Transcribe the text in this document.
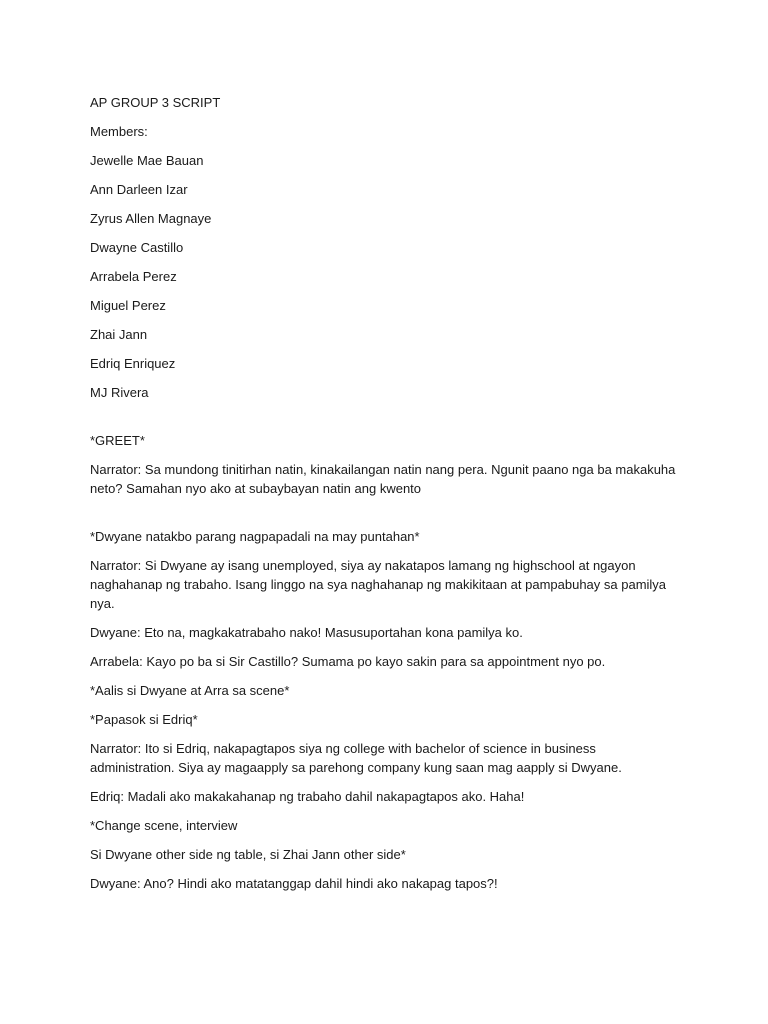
AP GROUP 3 SCRIPT

Members:

Jewelle Mae Bauan

Ann Darleen Izar

Zyrus Allen Magnaye

Dwayne Castillo

Arrabela Perez

Miguel Perez

Zhai Jann

Edriq Enriquez

MJ Rivera

*GREET*

Narrator: Sa mundong tinitirhan natin, kinakailangan natin nang pera. Ngunit paano nga ba makakuha neto? Samahan nyo ako at subaybayan natin ang kwento

*Dwyane natakbo parang nagpapadali na may puntahan*

Narrator: Si Dwyane ay isang unemployed, siya ay nakatapos lamang ng highschool at ngayon naghahanap ng trabaho. Isang linggo na sya naghahanap ng makikitaan at pampabuhay sa pamilya nya.

Dwyane: Eto na, magkakatrabaho nako! Masusuportahan kona pamilya ko.

Arrabela: Kayo po ba si Sir Castillo? Sumama po kayo sakin para sa appointment nyo po.

*Aalis si Dwyane at Arra sa scene*

*Papasok si Edriq*

Narrator: Ito si Edriq, nakapagtapos siya ng college with bachelor of science in business administration. Siya ay magaapply sa parehong company kung saan mag aapply si Dwyane.

Edriq: Madali ako makakahanap ng trabaho dahil nakapagtapos ako. Haha!

*Change scene, interview

Si Dwyane other side ng table, si Zhai Jann other side*

Dwyane: Ano? Hindi ako matatanggap dahil hindi ako nakapag tapos?!
